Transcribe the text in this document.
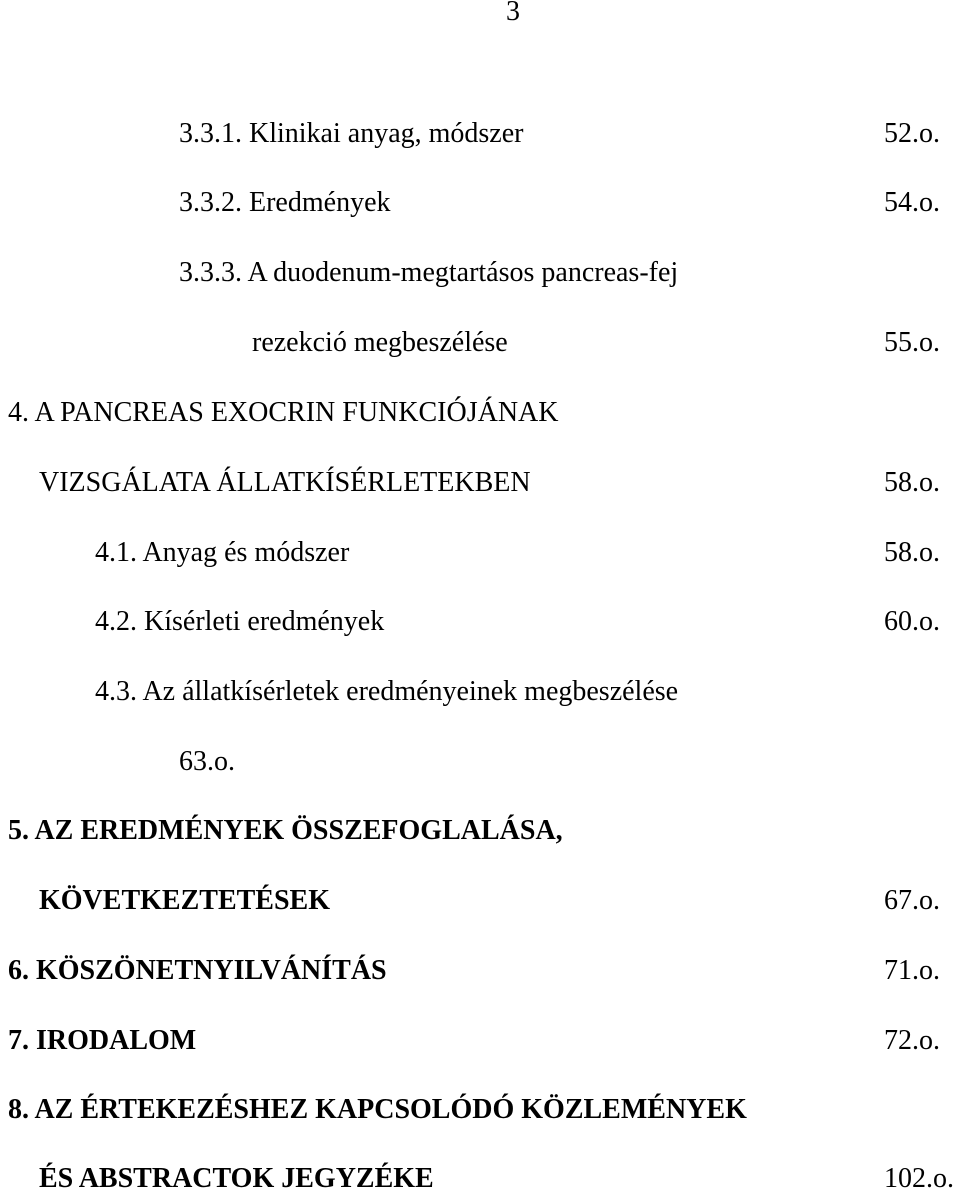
3
3.3.1. Klinikai anyag, módszer	52.o.
3.3.2. Eredmények	54.o.
3.3.3. A duodenum-megtartásos pancreas-fej
rezekció megbeszélése	55.o.
4. A PANCREAS EXOCRIN FUNKCIÓJÁNAK
VIZSGÁLATA ÁLLATKÍSÉRLETEKBEN	58.o.
4.1. Anyag és módszer	58.o.
4.2. Kísérleti eredmények	60.o.
4.3. Az állatkísérletek eredményeinek megbeszélése
63.o.
5. AZ EREDMÉNYEK ÖSSZEFOGLALÁSA,
KÖVETKEZTETÉSEK	67.o.
6. KÖSZÖNETNYILVÁNÍTÁS	71.o.
7. IRODALOM	72.o.
8. AZ ÉRTEKEZÉSHEZ KAPCSOLÓDÓ KÖZLEMÉNYEK
ÉS ABSTRACTOK JEGYZÉKE	102.o.
